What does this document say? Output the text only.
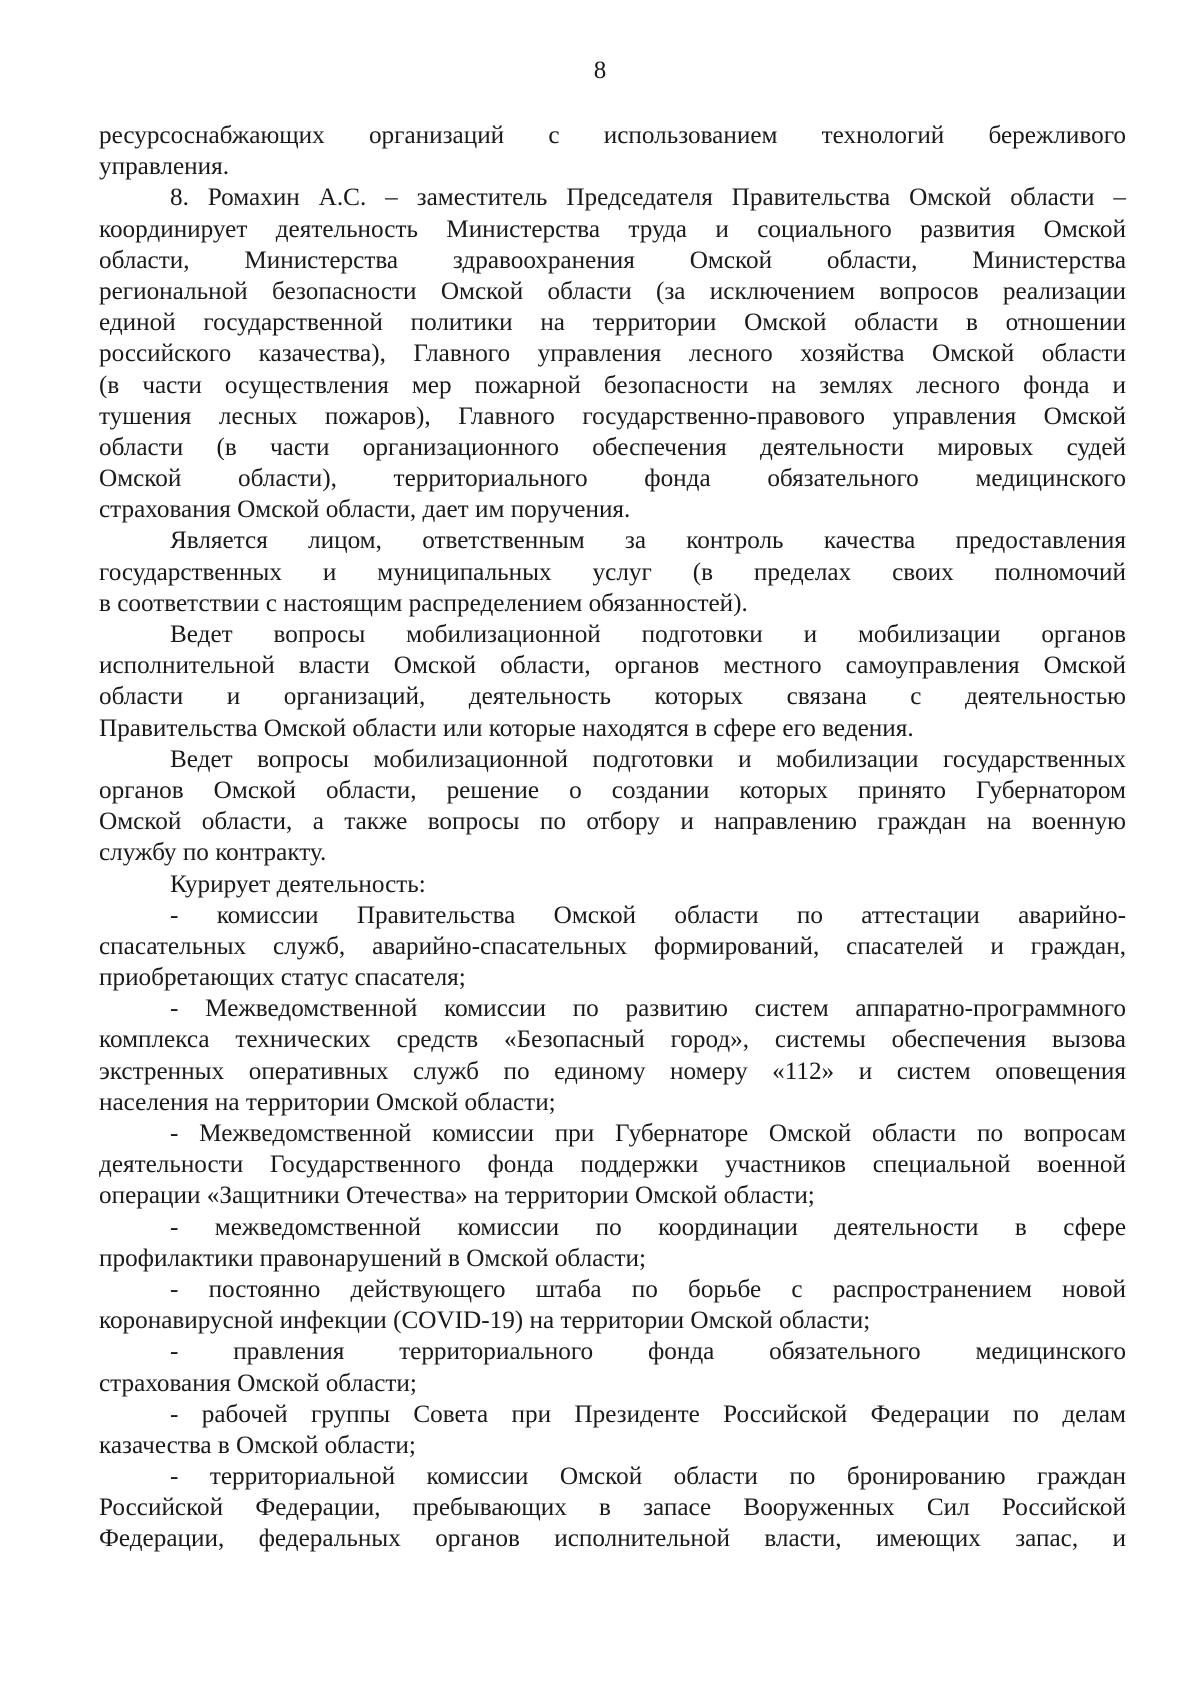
8
ресурсоснабжающих организаций с использованием технологий бережливого
управления.
8. Ромахин А.С. – заместитель Председателя Правительства Омской области –
координирует деятельность Министерства труда и социального развития Омской
области, Министерства здравоохранения Омской области, Министерства
региональной безопасности Омской области (за исключением вопросов реализации
единой государственной политики на территории Омской области в отношении
российского казачества), Главного управления лесного хозяйства Омской области
(в части осуществления мер пожарной безопасности на землях лесного фонда и
тушения лесных пожаров), Главного государственно-правового управления Омской
области (в части организационного обеспечения деятельности мировых судей
Омской области), территориального фонда обязательного медицинского
страхования Омской области, дает им поручения.
Является лицом, ответственным за контроль качества предоставления
государственных и муниципальных услуг (в пределах своих полномочий
в соответствии с настоящим распределением обязанностей).
Ведет вопросы мобилизационной подготовки и мобилизации органов
исполнительной власти Омской области, органов местного самоуправления Омской
области и организаций, деятельность которых связана с деятельностью
Правительства Омской области или которые находятся в сфере его ведения.
Ведет вопросы мобилизационной подготовки и мобилизации государственных
органов Омской области, решение о создании которых принято Губернатором
Омской области, а также вопросы по отбору и направлению граждан на военную
службу по контракту.
Курирует деятельность:
- комиссии Правительства Омской области по аттестации аварийно-
спасательных служб, аварийно-спасательных формирований, спасателей и граждан,
приобретающих статус спасателя;
- Межведомственной комиссии по развитию систем аппаратно-программного
комплекса технических средств «Безопасный город», системы обеспечения вызова
экстренных оперативных служб по единому номеру «112» и систем оповещения
населения на территории Омской области;
- Межведомственной комиссии при Губернаторе Омской области по вопросам
деятельности Государственного фонда поддержки участников специальной военной
операции «Защитники Отечества» на территории Омской области;
- межведомственной комиссии по координации деятельности в сфере
профилактики правонарушений в Омской области;
- постоянно действующего штаба по борьбе с распространением новой
коронавирусной инфекции (COVID-19) на территории Омской области;
- правления территориального фонда обязательного медицинского
страхования Омской области;
- рабочей группы Совета при Президенте Российской Федерации по делам
казачества в Омской области;
- территориальной комиссии Омской области по бронированию граждан
Российской Федерации, пребывающих в запасе Вооруженных Сил Российской
Федерации, федеральных органов исполнительной власти, имеющих запас, и
